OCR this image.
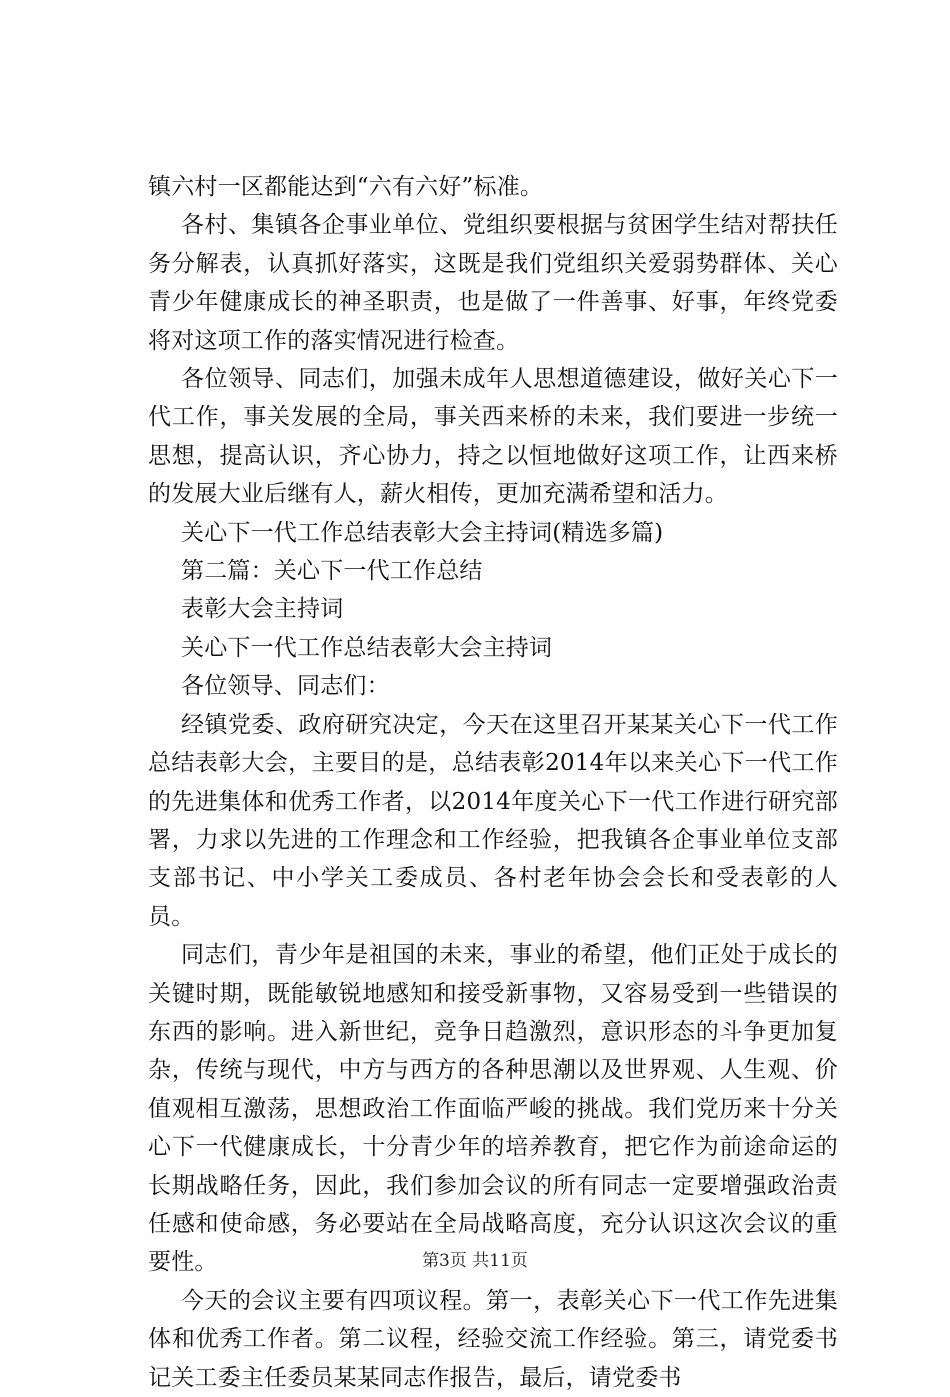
镇六村一区都能达到“六有六好”标准。

各村、集镇各企事业单位、党组织要根据与贫困学生结对帮扶任务分解表，认真抓好落实，这既是我们党组织关爱弱势群体、关心青少年健康成长的神圣职责，也是做了一件善事、好事，年终党委将对这项工作的落实情况进行检查。

各位领导、同志们，加强未成年人思想道德建设，做好关心下一代工作，事关发展的全局，事关西来桥的未来，我们要进一步统一思想，提高认识，齐心协力，持之以恒地做好这项工作，让西来桥的发展大业后继有人，薪火相传，更加充满希望和活力。

关心下一代工作总结表彰大会主持词(精选多篇)

第二篇：关心下一代工作总结

表彰大会主持词

关心下一代工作总结表彰大会主持词

各位领导、同志们：

经镇党委、政府研究决定，今天在这里召开某某关心下一代工作总结表彰大会，主要目的是，总结表彰2014年以来关心下一代工作的先进集体和优秀工作者，以2014年度关心下一代工作进行研究部署，力求以先进的工作理念和工作经验，把我镇各企事业单位支部支部书记、中小学关工委成员、各村老年协会会长和受表彰的人员。

同志们，青少年是祖国的未来，事业的希望，他们正处于成长的关键时期，既能敏锐地感知和接受新事物，又容易受到一些错误的东西的影响。进入新世纪，竞争日趋激烈，意识形态的斗争更加复杂，传统与现代，中方与西方的各种思潮以及世界观、人生观、价值观相互激荡，思想政治工作面临严峻的挑战。我们党历来十分关心下一代健康成长，十分青少年的培养教育，把它作为前途命运的长期战略任务，因此，我们参加会议的所有同志一定要增强政治责任感和使命感，务必要站在全局战略高度，充分认识这次会议的重要性。

今天的会议主要有四项议程。第一，表彰关心下一代工作先进集体和优秀工作者。第二议程，经验交流工作经验。第三，请党委书记关工委主任委员某某同志作报告，最后，请党委书

第3页 共11页
